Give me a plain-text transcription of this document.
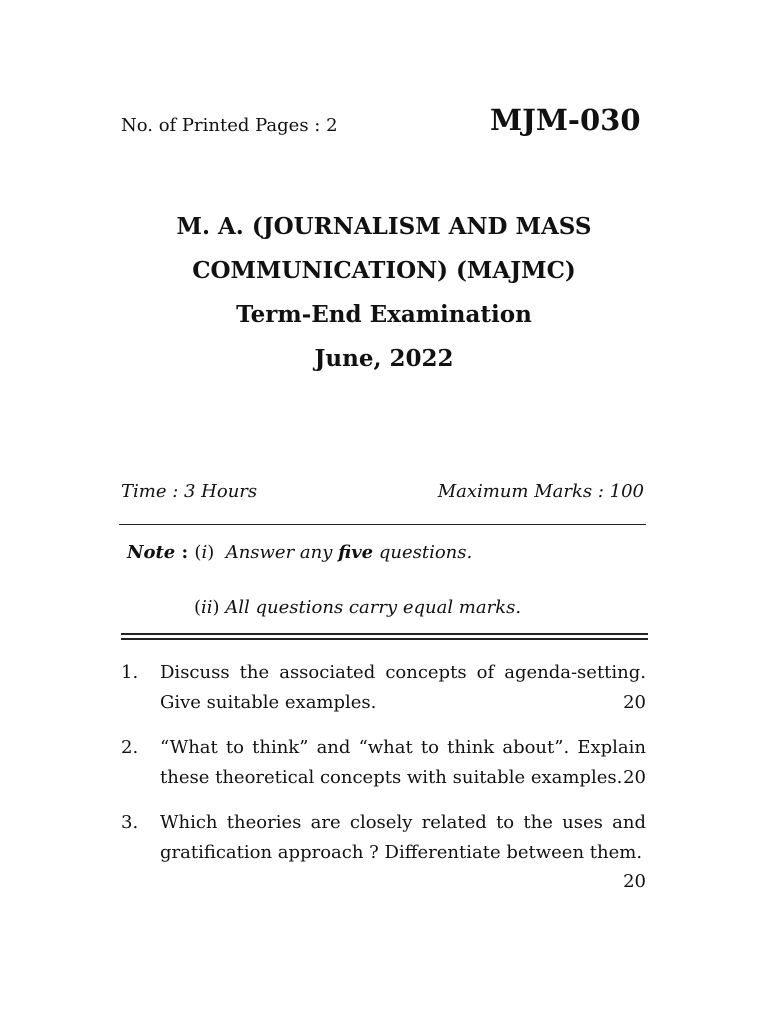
No. of Printed Pages : 2	MJM-030
M. A. (JOURNALISM AND MASS
COMMUNICATION) (MAJMC)
Term-End Examination
June, 2022
Time : 3 Hours	Maximum Marks : 100
Note : (i)  Answer any five questions.
(ii) All questions carry equal marks.
1.	Discuss the associated concepts of agenda-setting. Give suitable examples.	20
2.	“What to think” and “what to think about”. Explain these theoretical concepts with suitable examples. 20
3.	Which theories are closely related to the uses and gratification approach ? Differentiate between them.
20
